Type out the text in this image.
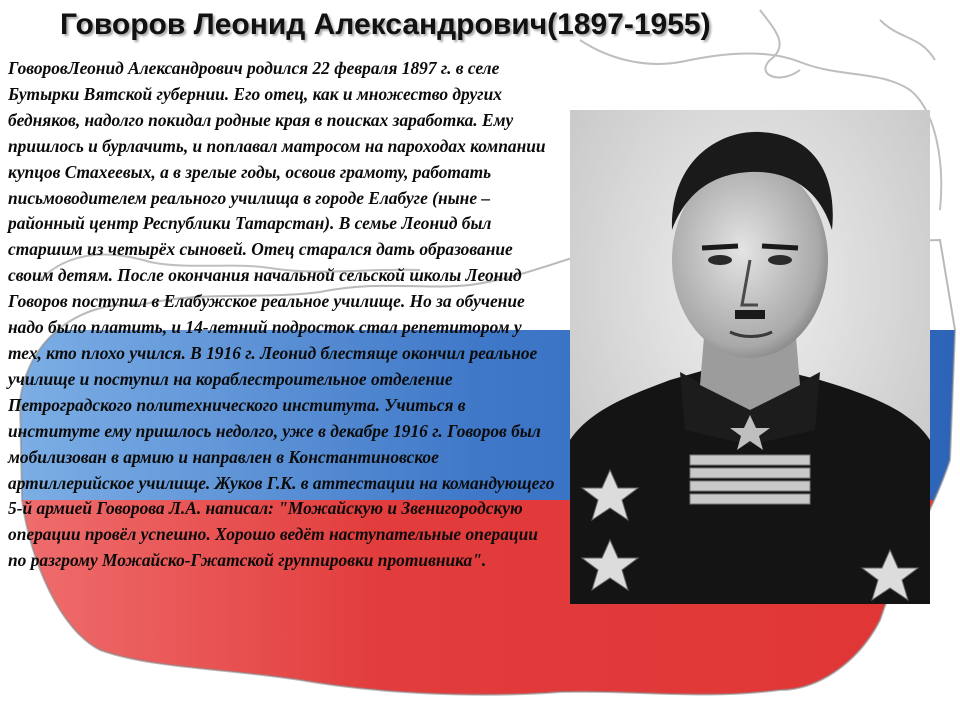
Говоров Леонид Александрович(1897-1955)

ГоворовЛеонид Александрович родился 22 февраля 1897 г. в селе Бутырки Вятской губернии. Его отец, как и множество других бедняков, надолго покидал родные края в поисках заработка. Ему пришлось и бурлачить, и поплавал матросом на пароходах компании купцов Стахеевых, а в зрелые годы, освоив грамоту, работать письмоводителем реального училища в городе Елабуге (ныне – районный центр Республики Татарстан). В семье Леонид был старшим из четырёх сыновей. Отец старался дать образование своим детям. После окончания начальной сельской школы Леонид Говоров поступил в Елабужское реальное училище. Но за обучение надо было платить, и 14-летний подросток стал репетитором у тех, кто плохо учился. В 1916 г. Леонид блестяще окончил реальное училище и поступил на кораблестроительное отделение Петроградского политехнического института. Учиться в институте ему пришлось недолго, уже в декабре 1916 г. Говоров был мобилизован в армию и направлен в Константиновское артиллерийское училище. Жуков Г.К. в аттестации на командующего 5-й армией Говорова Л.А. написал: "Можайскую и Звенигородскую операции провёл успешно. Хорошо ведёт наступательные операции по разгрому Можайско-Гжатской группировки противника".
